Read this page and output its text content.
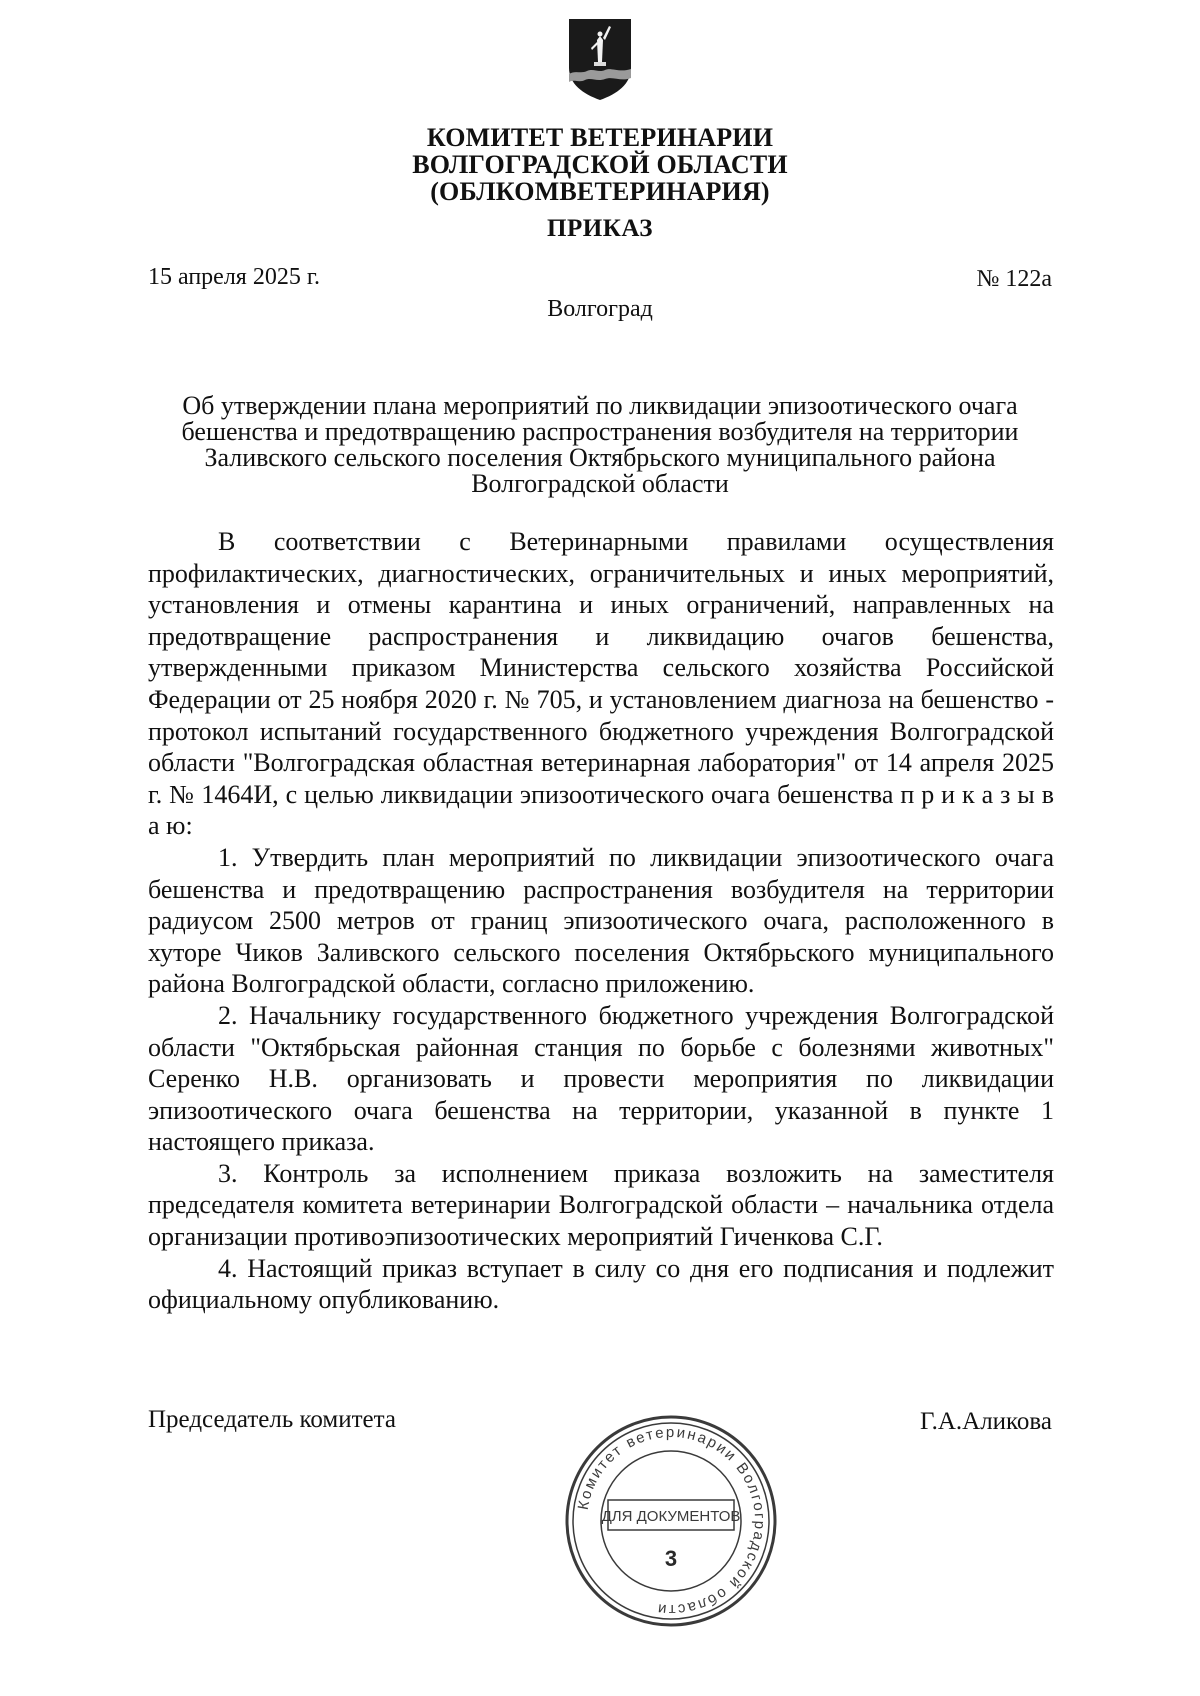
КОМИТЕТ ВЕТЕРИНАРИИ
ВОЛГОГРАДСКОЙ ОБЛАСТИ
(ОБЛКОМВЕТЕРИНАРИЯ)
ПРИКАЗ
15 апреля 2025 г.	№ 122а
Волгоград
Об утверждении плана мероприятий по ликвидации эпизоотического очага
бешенства и предотвращению распространения возбудителя на территории
Заливского сельского поселения Октябрьского муниципального района
Волгоградской области

В соответствии с Ветеринарными правилами осуществления профилактических, диагностических, ограничительных и иных мероприятий, установления и отмены карантина и иных ограничений, направленных на предотвращение распространения и ликвидацию очагов бешенства, утвержденными приказом Министерства сельского хозяйства Российской Федерации от 25 ноября 2020 г. № 705, и установлением диагноза на бешенство - протокол испытаний государственного бюджетного учреждения Волгоградской области "Волгоградская областная ветеринарная лаборатория" от 14 апреля 2025 г. № 1464И, с целью ликвидации эпизоотического очага бешенства п р и к а з ы в а ю:

1. Утвердить план мероприятий по ликвидации эпизоотического очага бешенства и предотвращению распространения возбудителя на территории радиусом 2500 метров от границ эпизоотического очага, расположенного в хуторе Чиков Заливского сельского поселения Октябрьского муниципального района Волгоградской области, согласно приложению.

2. Начальнику государственного бюджетного учреждения Волгоградской области "Октябрьская районная станция по борьбе с болезнями животных" Серенко Н.В. организовать и провести мероприятия по ликвидации эпизоотического очага бешенства на территории, указанной в пункте 1 настоящего приказа.

3. Контроль за исполнением приказа возложить на заместителя председателя комитета ветеринарии Волгоградской области – начальника отдела организации противоэпизоотических мероприятий Гиченкова С.Г.

4. Настоящий приказ вступает в силу со дня его подписания и подлежит официальному опубликованию.

Председатель комитета	Г.А.Аликова
Комитет ветеринарии Волгоградской области
ДЛЯ ДОКУМЕНТОВ
3
